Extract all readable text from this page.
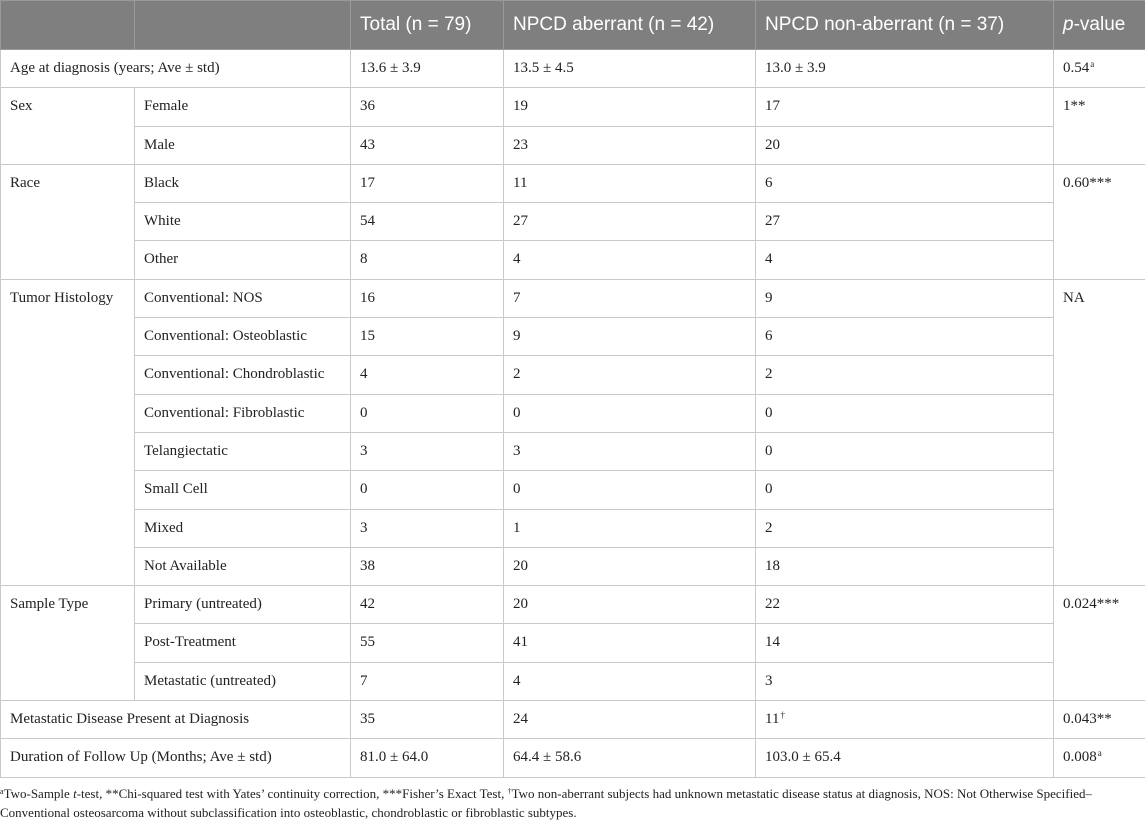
		Total (n = 79)	NPCD aberrant (n = 42)	NPCD non-aberrant (n = 37)	p-value
Age at diagnosis (years; Ave ± std)		13.6 ± 3.9	13.5 ± 4.5	13.0 ± 3.9	0.54$^a$
Sex	Female	36	19	17	1**
	Male	43	23	20	
Race	Black	17	11	6	0.60***
	White	54	27	27	
	Other	8	4	4	
Tumor Histology	Conventional: NOS	16	7	9	NA
	Conventional: Osteoblastic	15	9	6	
	Conventional: Chondroblastic	4	2	2	
	Conventional: Fibroblastic	0	0	0	
	Telangiectatic	3	3	0	
	Small Cell	0	0	0	
	Mixed	3	1	2	
	Not Available	38	20	18	
Sample Type	Primary (untreated)	42	20	22	0.024***
	Post-Treatment	55	41	14	
	Metastatic (untreated)	7	4	3	
Metastatic Disease Present at Diagnosis		35	24	11†	0.043**
Duration of Follow Up (Months; Ave ± std)		81.0 ± 64.0	64.4 ± 58.6	103.0 ± 65.4	0.008$^a$
$^a$Two-Sample t-test, **Chi-squared test with Yates’ continuity correction, ***Fisher’s Exact Test, †Two non-aberrant subjects had unknown metastatic disease status at diagnosis, NOS: Not Otherwise Specified–Conventional osteosarcoma without subclassification into osteoblastic, chondroblastic or fibroblastic subtypes.
